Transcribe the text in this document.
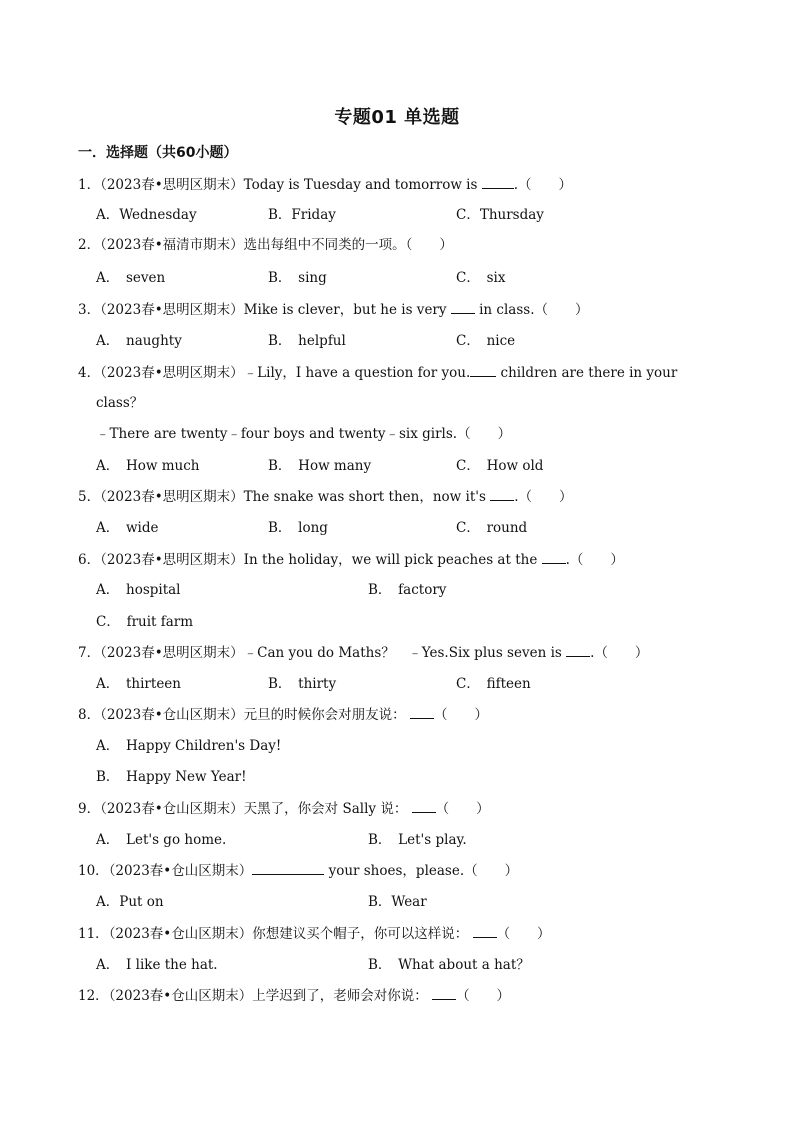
专题01 单选题
一．选择题（共60小题）
1．（2023春•思明区期末）Today is Tuesday and tomorrow is	.（　　）
A．Wednesday	B．Friday	C．Thursday
2．（2023春•福清市期末）选出每组中不同类的一项。（　　）
A．　seven	B．　sing	C．　six
3．（2023春•思明区期末）Mike is clever，but he is very in class.（　　）
A．　naughty	B．　helpful	C．　nice
4．（2023春•思明区期末）﹣Lily，I have a question for you. children are there in your
class？
﹣There are twenty﹣four boys and twenty﹣six girls.（　　）
A．　How much	B．　How many	C．　How old
5．（2023春•思明区期末）The snake was short then，now it's .（　　）
A．　wide	B．　long	C．　round
6．（2023春•思明区期末）In the holiday，we will pick peaches at the .（　　）
A．　hospital	B．　factory
C．　fruit farm
7．（2023春•思明区期末）﹣Can you do Maths？　﹣Yes.Six plus seven is .（　　）
A．　thirteen	B．　thirty	C．　fifteen
8．（2023春•仓山区期末）元旦的时候你会对朋友说： （　　）
A．　Happy Children's Day!
B．　Happy New Year!
9．（2023春•仓山区期末）天黑了，你会对 Sally 说： （　　）
A．　Let's go home.	B．　Let's play.
10．（2023春•仓山区期末）	your shoes，please.（　　）
A．Put on	B．Wear
11．（2023春•仓山区期末）你想建议买个帽子，你可以这样说： （　　）
A．　I like the hat.	B．　What about a hat？
12．（2023春•仓山区期末）上学迟到了，老师会对你说： （　　）
